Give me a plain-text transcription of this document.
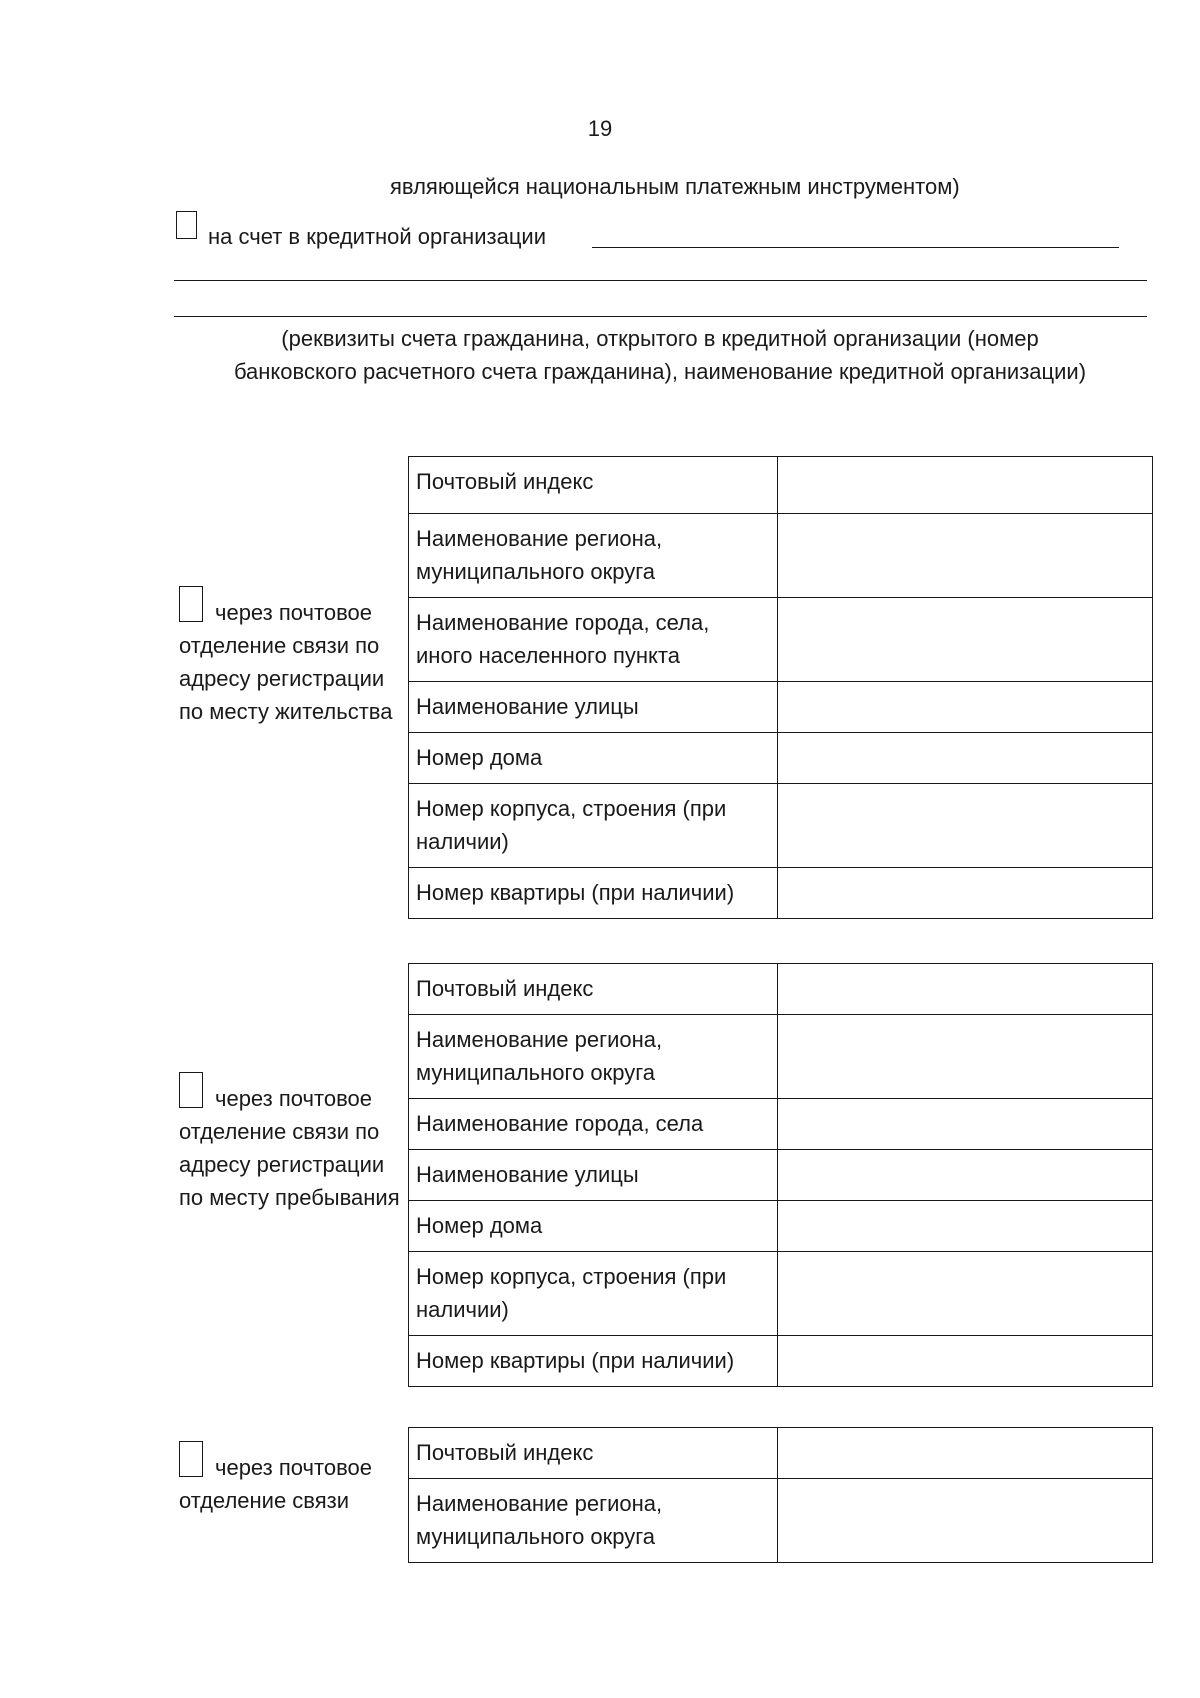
19
являющейся национальным платежным инструментом)
на счет в кредитной организации
(реквизиты счета гражданина, открытого в кредитной организации (номер банковского расчетного счета гражданина), наименование кредитной организации)
через почтовое отделение связи по адресу регистрации по месту жительства
Почтовый индекс	
Наименование региона, муниципального округа	
Наименование города, села, иного населенного пункта	
Наименование улицы	
Номер дома	
Номер корпуса, строения (при наличии)	
Номер квартиры (при наличии)	
через почтовое отделение связи по адресу регистрации по месту пребывания
Почтовый индекс	
Наименование региона, муниципального округа	
Наименование города, села	
Наименование улицы	
Номер дома	
Номер корпуса, строения (при наличии)	
Номер квартиры (при наличии)	
через почтовое отделение связи
Почтовый индекс	
Наименование региона, муниципального округа	
